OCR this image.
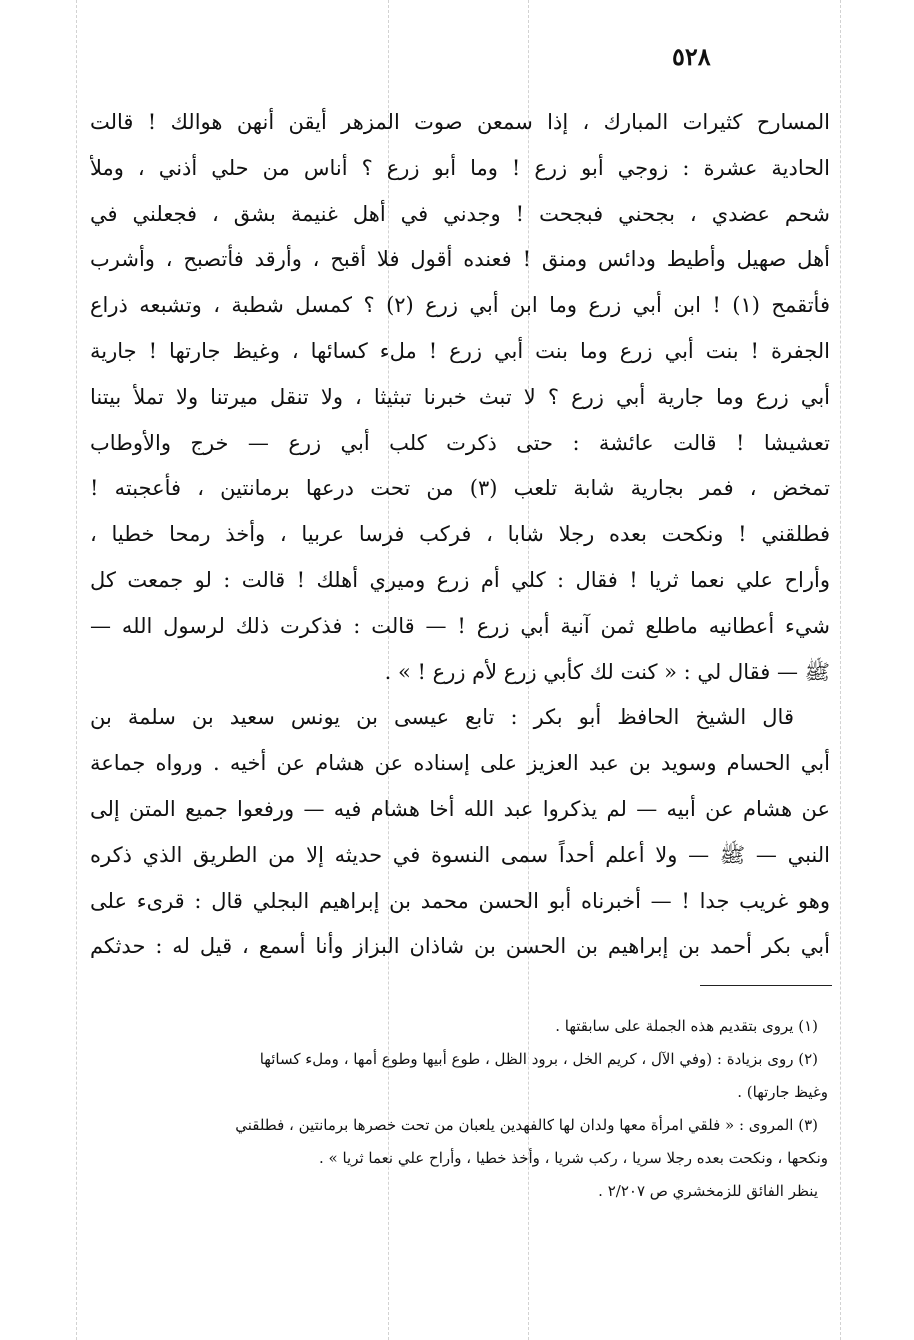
٥٢٨
المسارح كثيرات المبارك ، إذا سمعن صوت المزهر أيقن أنهن هوالك ! قالت
الحادية عشرة : زوجي أبو زرع ! وما أبو زرع ؟ أناس من حلي أذني ، وملأ
شحم عضدي ، بجحني فبجحت ! وجدني في أهل غنيمة بشق ، فجعلني في
أهل صهيل وأطيط ودائس ومنق ! فعنده أقول فلا أقبح ، وأرقد فأتصبح ، وأشرب
فأتقمح (١) ! ابن أبي زرع وما ابن أبي زرع (٢) ؟ كمسل شطبة ، وتشبعه ذراع
الجفرة ! بنت أبي زرع وما بنت أبي زرع ! ملء كسائها ، وغيظ جارتها ! جارية
أبي زرع وما جارية أبي زرع ؟ لا تبث خبرنا تبثيثا ، ولا تنقل ميرتنا ولا تملأ بيتنا
تعشيشا ! قالت عائشة : حتى ذكرت كلب أبي زرع — خرج والأوطاب
تمخض ، فمر بجارية شابة تلعب (٣) من تحت درعها برمانتين ، فأعجبته !
فطلقني ! ونكحت بعده رجلا شابا ، فركب فرسا عربيا ، وأخذ رمحا خطيا ،
وأراح علي نعما ثريا ! فقال : كلي أم زرع وميري أهلك ! قالت : لو جمعت كل
شيء أعطانيه ماطلع ثمن آنية أبي زرع ! — قالت : فذكرت ذلك لرسول الله —
ﷺ — فقال لي : « كنت لك كأبي زرع لأم زرع ! » .
قال الشيخ الحافظ أبو بكر : تابع عيسى بن يونس سعيد بن سلمة بن
أبي الحسام وسويد بن عبد العزيز على إسناده عن هشام عن أخيه . ورواه جماعة
عن هشام عن أبيه — لم يذكروا عبد الله أخا هشام فيه — ورفعوا جميع المتن إلى
النبي — ﷺ — ولا أعلم أحداً سمى النسوة في حديثه إلا من الطريق الذي ذكره
وهو غريب جدا ! — أخبرناه أبو الحسن محمد بن إبراهيم البجلي قال : قرىء على
أبي بكر أحمد بن إبراهيم بن الحسن بن شاذان البزاز وأنا أسمع ، قيل له : حدثكم
(١) يروى بتقديم هذه الجملة على سابقتها .
(٢) روى بزيادة : (وفي الآل ، كريم الخل ، برود الظل ، طوع أبيها وطوع أمها ، وملء كسائها
وغيظ جارتها) .
(٣) المروى : « فلقي امرأة معها ولدان لها كالفهدين يلعبان من تحت خصرها برمانتين ، فطلقني
ونكحها ، ونكحت بعده رجلا سريا ، ركب شريا ، وأخذ خطيا ، وأراح علي نعما ثريا » .
ينظر الفائق للزمخشري ص ٢/٢٠٧ .
